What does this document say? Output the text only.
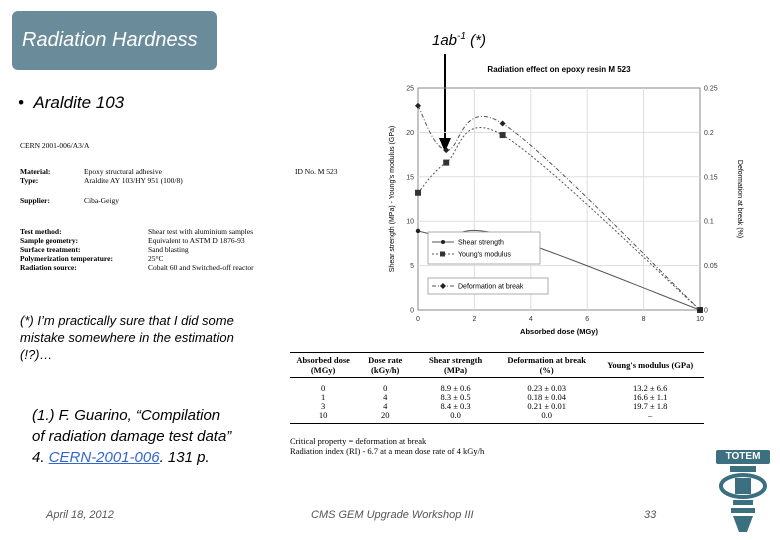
Radiation Hardness	$1ab^{-1}$ (*)
•  Araldite 103
CERN 2001-006/A3/A
Material:	Epoxy structural adhesive	ID No. M 523
Type:	Araldite AY 103/HY 951 (100/8)
Supplier:	Ciba-Geigy
Test method:	Shear test with aluminium samples
Sample geometry:	Equivalent to ASTM D 1876-93
Surface treatment:	Sand blasting
Polymerization temperature:	25°C
Radiation source:	Cobalt 60 and Switched-off reactor
Radiation effect on epoxy resin M 523
0	2	4	6	8	10
0
5
10
15
20
25
0
0.05
0.1
0.15
0.2
0.25
Absorbed dose (MGy)
Shear strength (MPa) - Young's modulus (GPa)	Deformation at break (%)
Shear strength
Young's modulus
Deformation at break
(*) I’m practically sure that I did some mistake somewhere in the estimation (!?)…	Absorbed dose (MGy)	Dose rate (kGy/h)	Shear strength (MPa)	Deformation at break (%)	Young's modulus (GPa)
0	0	8.9 ± 0.6	0.23 ± 0.03	13.2 ± 6.6
1	4	8.3 ± 0.5	0.18 ± 0.04	16.6 ± 1.1
3	4	8.4 ± 0.3	0.21 ± 0.01	19.7 ± 1.8
10	20	0.0	0.0	–
Critical property = deformation at break
Radiation index (RI) - 6.7 at a mean dose rate of 4 kGy/h
(1.) F. Guarino, “Compilation of radiation damage test data” 4. CERN-2001-006. 131 p.
April 18, 2012	CMS GEM Upgrade Workshop III	33
TOTEM
